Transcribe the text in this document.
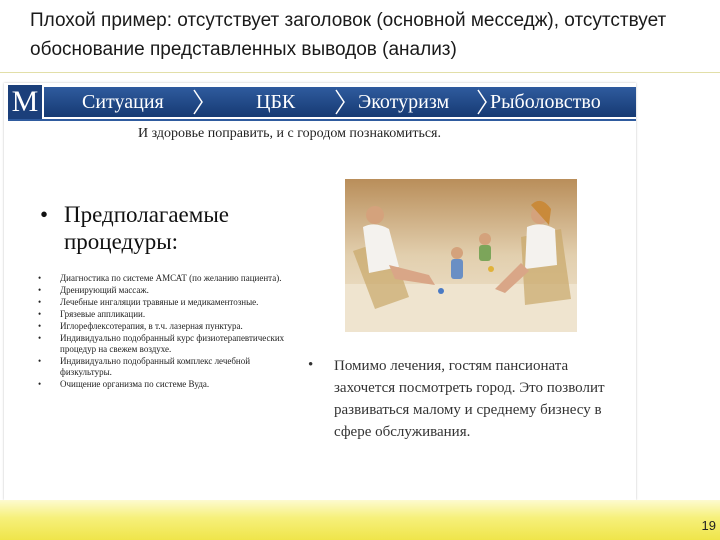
Плохой пример: отсутствует заголовок (основной месседж), отсутствует обоснование представленных выводов (анализ)
M Ситуация	ЦБК	Экотуризм Рыболовство
И здоровье поправить, и с городом познакомиться.
• Предполагаемые процедуры:
• Диагностика по системе АМСАТ (по желанию пациента).
• Дренирующий массаж.
• Лечебные ингаляции травяные и медикаментозные.
• Грязевые аппликации.
• Иглорефлексотерапия, в т.ч. лазерная пунктура.
• Индивидуально подобранный курс физиотерапевтических процедур на свежем воздухе.
• Индивидуально подобранный комплекс лечебной физкультуры.
• Очищение организма по системе Вуда.
•	Помимо лечения, гостям пансионата захочется посмотреть город. Это позволит развиваться малому и среднему бизнесу в сфере обслуживания.
19
